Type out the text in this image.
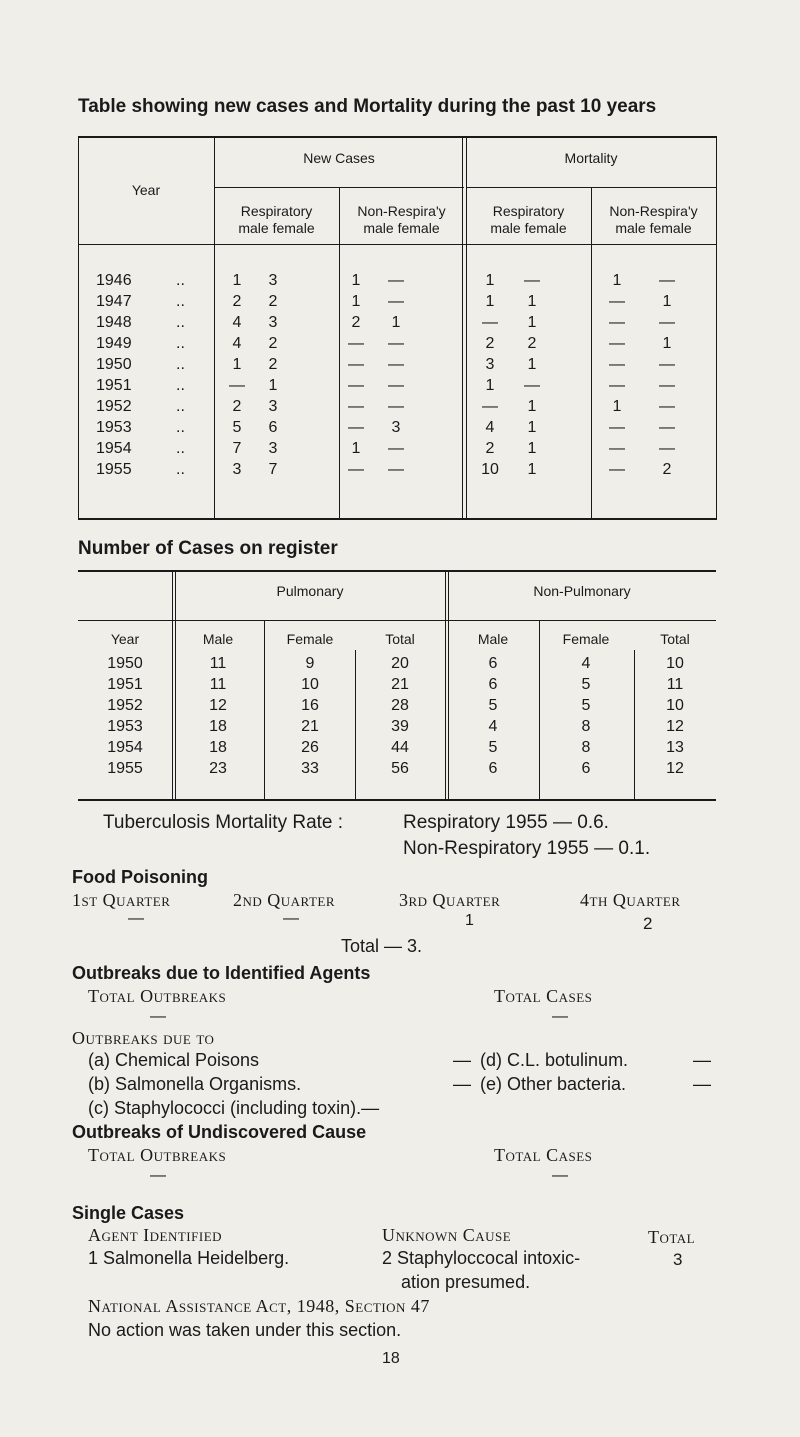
Table showing new cases and Mortality during the past 10 years
Year
New Cases	Mortality
Respiratory
male female
Non-Respira'y
male female
Respiratory
male female
Non-Respira'y
male female
1946	..	1	3	1	—	1	—	1	—
1947	..	2	2	1	—	1	1	—	1
1948	..	4	3	2	1	—	1	—	—
1949	..	4	2	—	—	2	2	—	1
1950	..	1	2	—	—	3	1	—	—
1951	..	—	1	—	—	1	—	—	—
1952	..	2	3	—	—	—	1	1	—
1953	..	5	6	—	3	4	1	—	—
1954	..	7	3	1	—	2	1	—	—
1955	..	3	7	—	—	10	1	—	2
Number of Cases on register
Pulmonary	Non-Pulmonary
Year	Male	Female	Total	Male	Female	Total
1950	11	9	20	6	4	10
1951	11	10	21	6	5	11
1952	12	16	28	5	5	10
1953	18	21	39	4	8	12
1954	18	26	44	5	8	13
1955	23	33	56	6	6	12
Tuberculosis Mortality Rate :	Respiratory 1955 — 0.6.
Non-Respiratory 1955 — 0.1.
Food Poisoning
1st Quarter	2nd Quarter	3rd Quarter	4th Quarter
—	—	1	2
Total — 3.
Outbreaks due to Identified Agents
Total Outbreaks	Total Cases
—	—
Outbreaks due to
(a) Chemical Poisons	— (d) C.L. botulinum.	—
(b) Salmonella Organisms.	— (e) Other bacteria.	—
(c) Staphylococci (including toxin).—
Outbreaks of Undiscovered Cause
Total Outbreaks	Total Cases
—	—
Single Cases
Agent Identified	Unknown Cause	Total
1 Salmonella Heidelberg.	2 Staphyloccocal intoxic-
ation presumed.
3
National Assistance Act, 1948, Section 47
No action was taken under this section.
18
